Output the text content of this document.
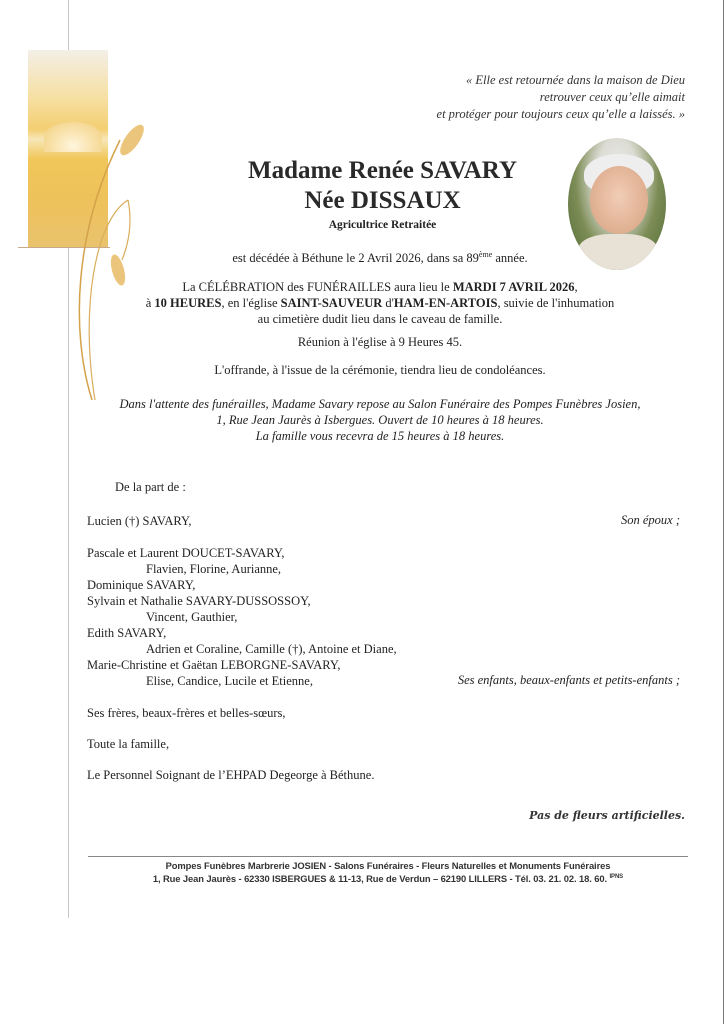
« Elle est retournée dans la maison de Dieu
retrouver ceux qu’elle aimait
et protéger pour toujours ceux qu’elle a laissés. »
Madame Renée SAVARY
Née DISSAUX
Agricultrice Retraitée
est décédée à Béthune le 2 Avril 2026, dans sa 89ème année.
La CÉLÉBRATION des FUNÉRAILLES aura lieu le MARDI 7 AVRIL 2026,
à 10 HEURES, en l'église SAINT-SAUVEUR d'HAM-EN-ARTOIS, suivie de l'inhumation
au cimetière dudit lieu dans le caveau de famille.
Réunion à l'église à 9 Heures 45.
L'offrande, à l'issue de la cérémonie, tiendra lieu de condoléances.
Dans l'attente des funérailles, Madame Savary repose au Salon Funéraire des Pompes Funèbres Josien,
1, Rue Jean Jaurès à Isbergues. Ouvert de 10 heures à 18 heures.
La famille vous recevra de 15 heures à 18 heures.
De la part de :
Lucien (†) SAVARY,	Son époux ;
Pascale et Laurent DOUCET-SAVARY,
Flavien, Florine, Aurianne,
Dominique SAVARY,
Sylvain et Nathalie SAVARY-DUSSOSSOY,
Vincent, Gauthier,
Edith SAVARY,
Adrien et Coraline, Camille (†), Antoine et Diane,
Marie-Christine et Gaëtan LEBORGNE-SAVARY,
Elise, Candice, Lucile et Etienne,	Ses enfants, beaux-enfants et petits-enfants ;
Ses frères, beaux-frères et belles-sœurs,
Toute la famille,
Le Personnel Soignant de l’EHPAD Degeorge à Béthune.
Pas de fleurs artificielles.
Pompes Funèbres Marbrerie JOSIEN - Salons Funéraires - Fleurs Naturelles et Monuments Funéraires
1, Rue Jean Jaurès - 62330 ISBERGUES & 11-13, Rue de Verdun – 62190 LILLERS - Tél. 03. 21. 02. 18. 60. $^{IPNS}$
